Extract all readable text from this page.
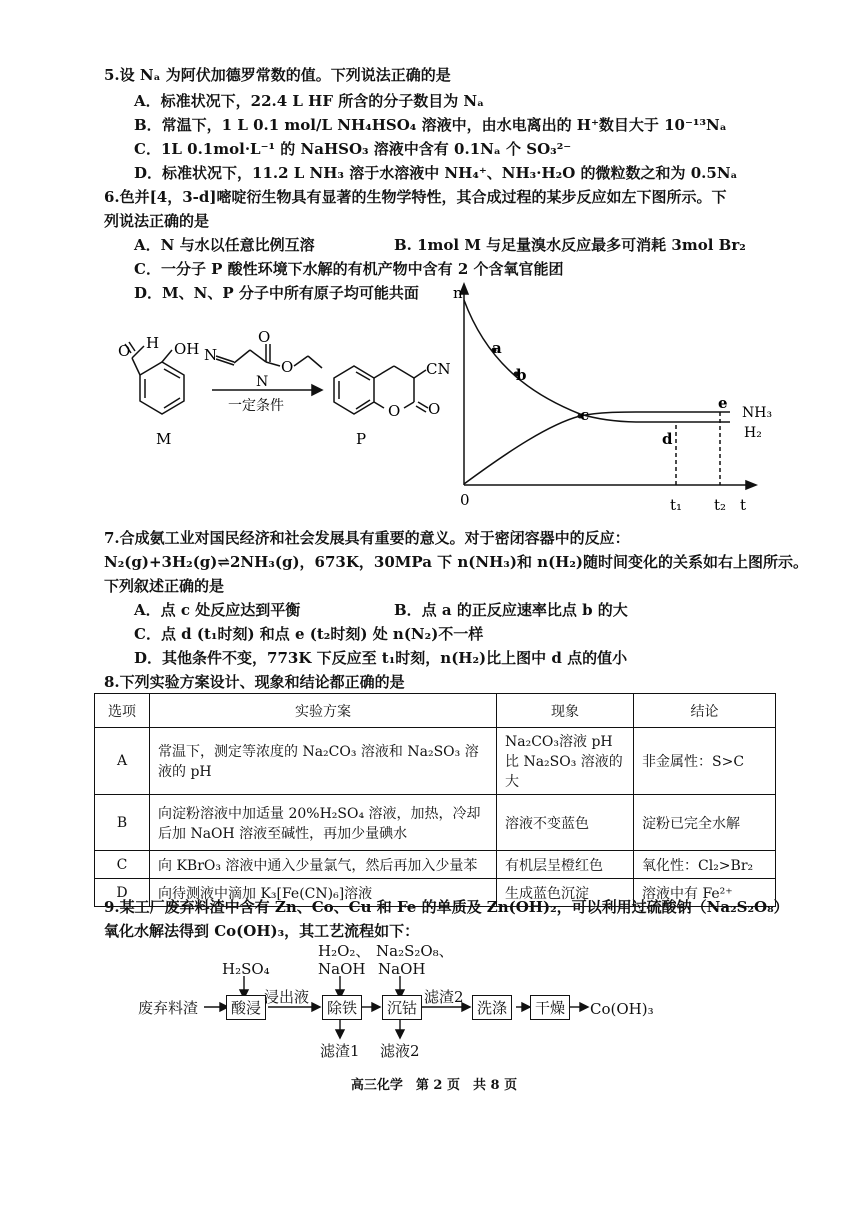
5.设 Nₐ 为阿伏加德罗常数的值。下列说法正确的是
A．标准状况下，22.4 L HF 所含的分子数目为 Nₐ
B．常温下，1 L 0.1 mol/L NH₄HSO₄ 溶液中，由水电离出的 H⁺数目大于 10⁻¹³Nₐ
C．1L 0.1mol·L⁻¹ 的 NaHSO₃ 溶液中含有 0.1Nₐ 个 SO₃²⁻
D．标准状况下，11.2 L NH₃ 溶于水溶液中 NH₄⁺、NH₃·H₂O 的微粒数之和为 0.5Nₐ
6.色并[4，3-d]嘧啶衍生物具有显著的生物学特性，其合成过程的某步反应如左下图所示。下
列说法正确的是
A．N 与水以任意比例互溶	B. 1mol M 与足量溴水反应最多可消耗 3mol Br₂
C．一分子 P 酸性环境下水解的有机产物中含有 2 个含氧官能团
D．M、N、P 分子中所有原子均可能共面
O H OH
M
N
O
O
N
一定条件
CN
O O
P
n
0	t
t₁ t₂
a
b
c
d
e
NH₃
H₂
7.合成氨工业对国民经济和社会发展具有重要的意义。对于密闭容器中的反应：
N₂(g)+3H₂(g)⇌2NH₃(g)，673K，30MPa 下 n(NH₃)和 n(H₂)随时间变化的关系如右上图所示。
下列叙述正确的是
A．点 c 处反应达到平衡	B．点 a 的正反应速率比点 b 的大
C．点 d (t₁时刻) 和点 e (t₂时刻) 处 n(N₂)不一样
D．其他条件不变，773K 下反应至 t₁时刻，n(H₂)比上图中 d 点的值小
8.下列实验方案设计、现象和结论都正确的是
选项	实验方案	现象	结论
A	常温下，测定等浓度的 Na₂CO₃ 溶液和 Na₂SO₃ 溶液的 pH	Na₂CO₃溶液 pH 比 Na₂SO₃ 溶液的大	非金属性：S>C
B	向淀粉溶液中加适量 20%H₂SO₄ 溶液，加热，冷却后加 NaOH 溶液至碱性，再加少量碘水	溶液不变蓝色	淀粉已完全水解
C	向 KBrO₃ 溶液中通入少量氯气，然后再加入少量苯	有机层呈橙红色	氧化性：Cl₂>Br₂
D	向待测液中滴加 K₃[Fe(CN)₆]溶液	生成蓝色沉淀	溶液中有 Fe²⁺
9.某工厂废弃料渣中含有 Zn、Co、Cu 和 Fe 的单质及 Zn(OH)₂，可以利用过硫酸钠（Na₂S₂O₈）
氧化水解法得到 Co(OH)₃，其工艺流程如下：
废弃料渣
H₂SO₄
酸浸
浸出液
H₂O₂、
NaOH
除铁
滤渣1
Na₂S₂O₈、
NaOH
沉钴
滤液2
滤渣2
洗涤	干燥	Co(OH)₃
高三化学　第 2 页　共 8 页
